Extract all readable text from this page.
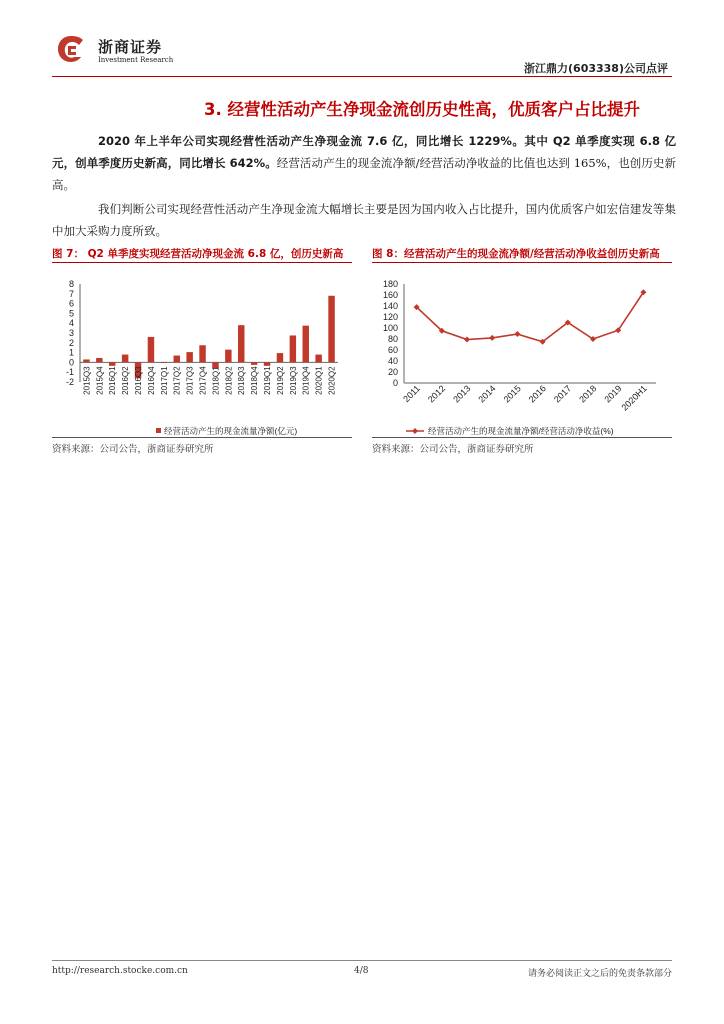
浙商证券
Investment Research
浙江鼎力(603338)公司点评
3. 经营性活动产生净现金流创历史性高，优质客户占比提升
2020 年上半年公司实现经营性活动产生净现金流 7.6 亿，同比增长 1229%。其中 Q2 单季度实现 6.8 亿元，创单季度历史新高，同比增长 642%。经营活动产生的现金流净额/经营活动净收益的比值也达到 165%，也创历史新高。
我们判断公司实现经营性活动产生净现金流大幅增长主要是因为国内收入占比提升，国内优质客户如宏信建发等集中加大采购力度所致。
图 7： Q2 单季度实现经营活动净现金流 6.8 亿，创历史新高	图 8：经营活动产生的现金流净额/经营活动净收益创历史新高
-2
-1
0
1
2
3
4
5
6
7
8
2015Q3 2015Q4 2016Q1 2016Q2 2016Q3 2016Q4 2017Q1 2017Q2 2017Q3 2017Q4 2018Q1 2018Q2 2018Q3 2018Q4 2019Q1 2019Q2 2019Q3 2019Q4 2020Q1 2020Q2
经营活动产生的现金流量净额(亿元)
0
20
40
60
80
100
120
140
160
180
2011 2012 2013 2014 2015 2016 2017 2018 2019
2020H1
经营活动产生的现金流量净额/经营活动净收益(%)
资料来源：公司公告，浙商证券研究所	资料来源：公司公告，浙商证券研究所
http://research.stocke.com.cn	4/8	请务必阅读正文之后的免责条款部分
